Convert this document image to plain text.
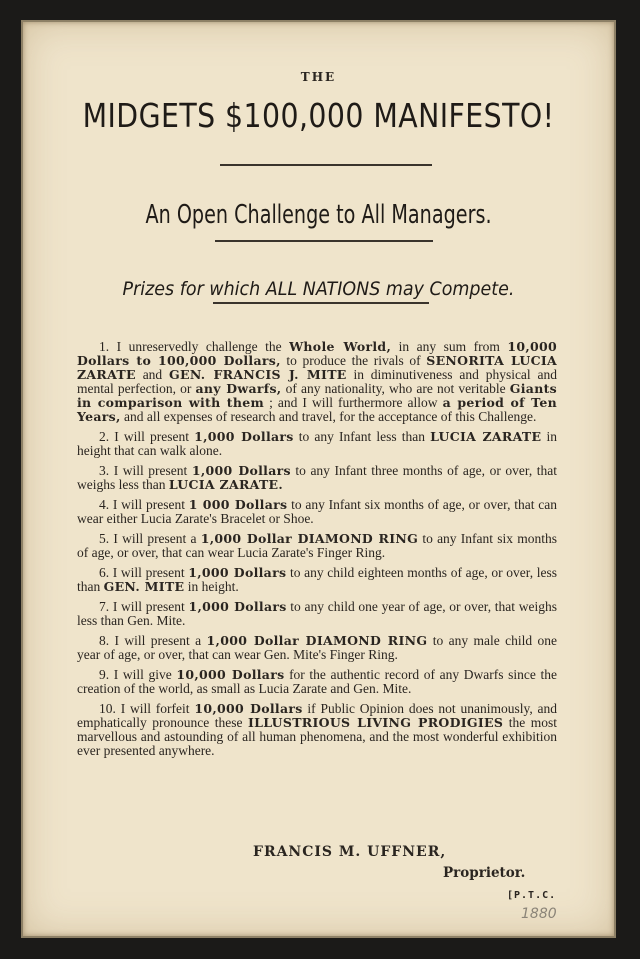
THE
MIDGETS $100,000 MANIFESTO!
An Open Challenge to All Managers.
Prizes for which ALL NATIONS may Compete.

1. I unreservedly challenge the Whole World, in any sum from 10,000 Dollars to 100,000 Dollars, to produce the rivals of SENORITA LUCIA ZARATE and GEN. FRANCIS J. MITE in diminutiveness and physical and mental perfection, or any Dwarfs, of any nationality, who are not veritable Giants in comparison with them ; and I will furthermore allow a period of Ten Years, and all expenses of research and travel, for the acceptance of this Challenge.

2. I will present 1,000 Dollars to any Infant less than LUCIA ZARATE in height that can walk alone.

3. I will present 1,000 Dollars to any Infant three months of age, or over, that weighs less than LUCIA ZARATE.

4. I will present 1 000 Dollars to any Infant six months of age, or over, that can wear either Lucia Zarate's Bracelet or Shoe.

5. I will present a 1,000 Dollar DIAMOND RING to any Infant six months of age, or over, that can wear Lucia Zarate's Finger Ring.

6. I will present 1,000 Dollars to any child eighteen months of age, or over, less than GEN. MITE in height.

7. I will present 1,000 Dollars to any child one year of age, or over, that weighs less than Gen. Mite.

8. I will present a 1,000 Dollar DIAMOND RING to any male child one year of age, or over, that can wear Gen. Mite's Finger Ring.

9. I will give 10,000 Dollars for the authentic record of any Dwarfs since the creation of the world, as small as Lucia Zarate and Gen. Mite.

10. I will forfeit 10,000 Dollars if Public Opinion does not unanimously, and emphatically pronounce these ILLUSTRIOUS LIVING PRODIGIES the most marvellous and astounding of all human phenomena, and the most wonderful exhibition ever presented anywhere.

FRANCIS M. UFFNER,
Proprietor.
[P.T.C.
1880
